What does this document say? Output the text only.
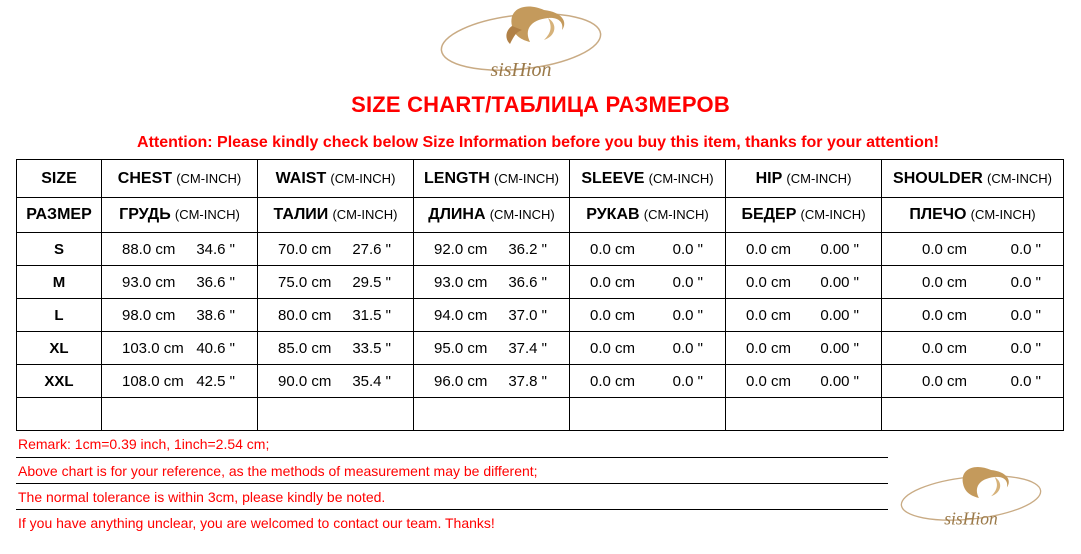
sisHion
SIZE CHART/ТАБЛИЦА РАЗМЕРОВ
Attention: Please kindly check below Size Information before you buy this item, thanks for your attention!
SIZE	CHEST (CM-INCH)	WAIST (CM-INCH)	LENGTH (CM-INCH)	SLEEVE (CM-INCH)	HIP (CM-INCH)	SHOULDER (CM-INCH)
РАЗМЕР	ГРУДЬ (CM-INCH)	ТАЛИИ (CM-INCH)	ДЛИНА (CM-INCH)	РУКАВ (CM-INCH)	БЕДЕР (CM-INCH)	ПЛЕЧО (CM-INCH)
S	88.0 cm 34.6 "	70.0 cm 27.6 "	92.0 cm 36.2 "	0.0 cm 0.0 "	0.0 cm 0.00 "	0.0 cm 0.0 "

M	93.0 cm 36.6 "	75.0 cm 29.5 "	93.0 cm 36.6 "	0.0 cm 0.0 "	0.0 cm 0.00 "	0.0 cm 0.0 "

L	98.0 cm 38.6 "	80.0 cm 31.5 "	94.0 cm 37.0 "	0.0 cm 0.0 "	0.0 cm 0.00 "	0.0 cm 0.0 "

XL	103.0 cm 40.6 "	85.0 cm 33.5 "	95.0 cm 37.4 "	0.0 cm 0.0 "	0.0 cm 0.00 "	0.0 cm 0.0 "

XXL	108.0 cm 42.5 "	90.0 cm 35.4 "	96.0 cm 37.8 "	0.0 cm 0.0 "	0.0 cm 0.00 "	0.0 cm 0.0 "

Remark: 1cm=0.39 inch, 1inch=2.54 cm;
Above chart is for your reference, as the methods of measurement may be different;
The normal tolerance is within 3cm, please kindly be noted.
If you have anything unclear, you are welcomed to contact our team. Thanks!	sisHion
